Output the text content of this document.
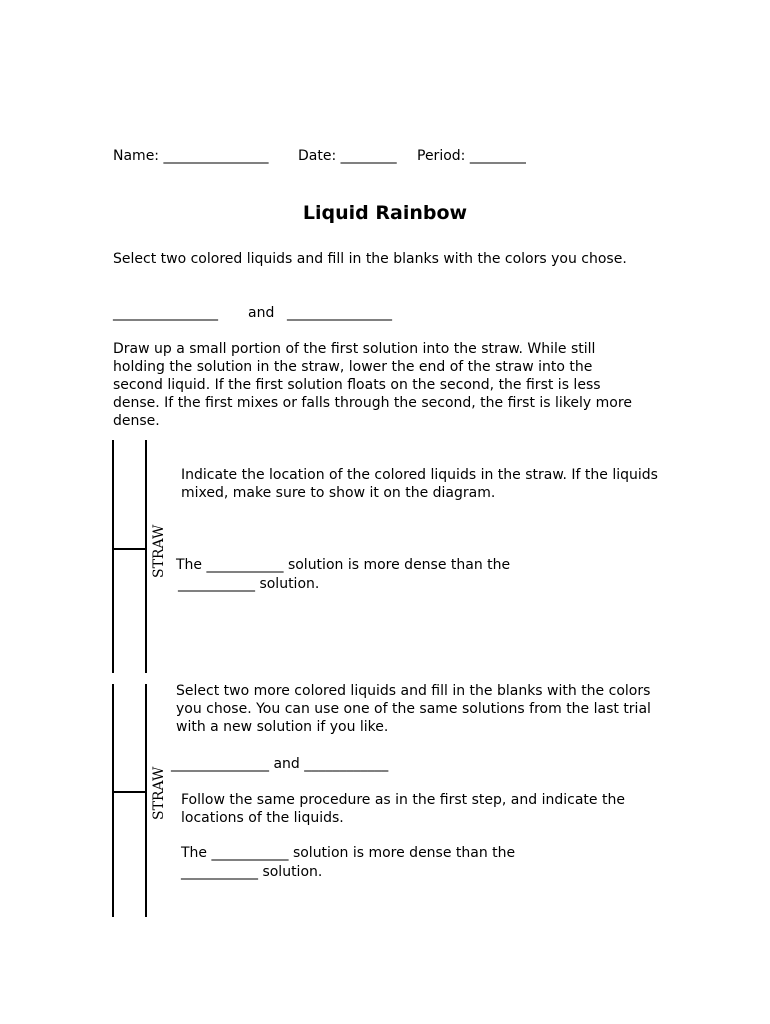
Name: _______________ Date: ________ Period: ________
Liquid Rainbow
Select two colored liquids and fill in the blanks with the colors you chose.
_______________ and _______________
Draw up a small portion of the first solution into the straw. While still holding the solution in the straw, lower the end of the straw into the second liquid. If the first solution floats on the second, the first is less dense. If the first mixes or falls through the second, the first is likely more dense.
STRAW
Indicate the location of the colored liquids in the straw. If the liquids mixed, make sure to show it on the diagram.
The ___________ solution is more dense than the
___________ solution.
STRAW
Select two more colored liquids and fill in the blanks with the colors you chose. You can use one of the same solutions from the last trial with a new solution if you like.
______________ and ____________
Follow the same procedure as in the first step, and indicate the locations of the liquids.
The ___________ solution is more dense than the
___________ solution.
